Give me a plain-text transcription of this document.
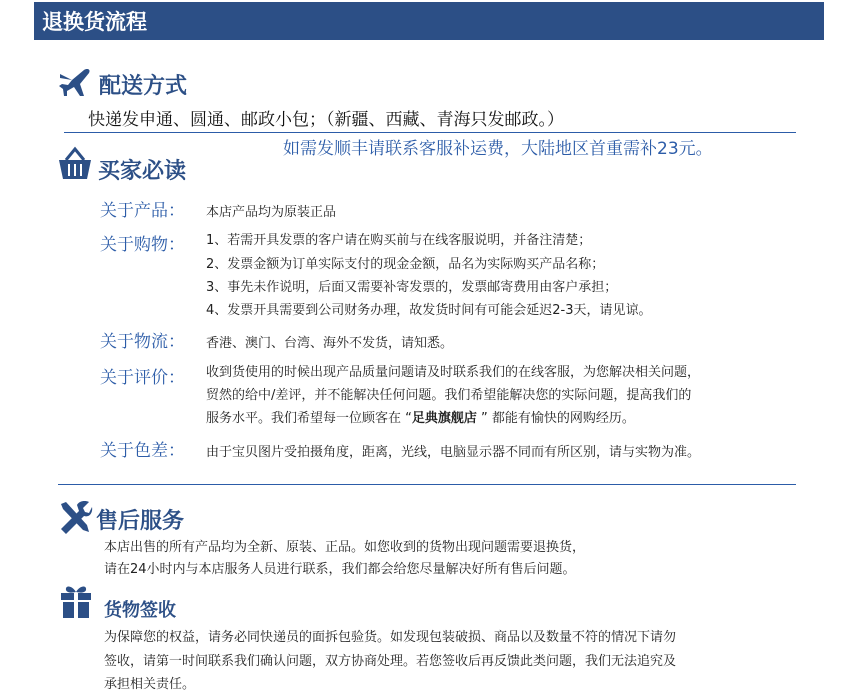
退换货流程
配送方式
快递发申通、圆通、邮政小包；（新疆、西藏、青海只发邮政。）
如需发顺丰请联系客服补运费，大陆地区首重需补23元。
买家必读
关于产品： 本店产品均为原装正品
关于购物： 1、若需开具发票的客户请在购买前与在线客服说明，并备注清楚；
2、发票金额为订单实际支付的现金金额，品名为实际购买产品名称；
3、事先未作说明，后面又需要补寄发票的，发票邮寄费用由客户承担；
4、发票开具需要到公司财务办理，故发货时间有可能会延迟2-3天，请见谅。
关于物流： 香港、澳门、台湾、海外不发货，请知悉。
关于评价： 收到货使用的时候出现产品质量问题请及时联系我们的在线客服，为您解决相关问题，
贸然的给中/差评，并不能解决任何问题。我们希望能解决您的实际问题，提高我们的
服务水平。我们希望每一位顾客在 “足典旗舰店 ” 都能有愉快的网购经历。
关于色差： 由于宝贝图片受拍摄角度，距离，光线，电脑显示器不同而有所区别，请与实物为准。
售后服务
本店出售的所有产品均为全新、原装、正品。如您收到的货物出现问题需要退换货，
请在24小时内与本店服务人员进行联系，我们都会给您尽量解决好所有售后问题。
货物签收
为保障您的权益，请务必同快递员的面拆包验货。如发现包装破损、商品以及数量不符的情况下请勿
签收，请第一时间联系我们确认问题，双方协商处理。若您签收后再反馈此类问题，我们无法追究及
承担相关责任。
